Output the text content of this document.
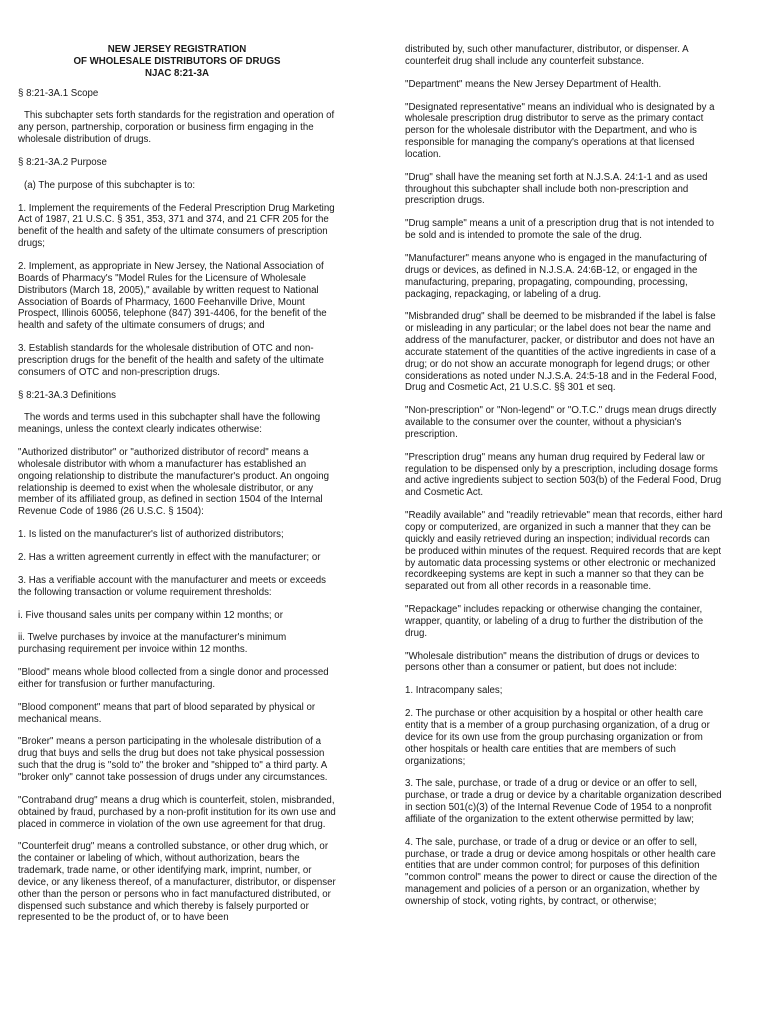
NEW JERSEY REGISTRATION
OF WHOLESALE DISTRIBUTORS OF DRUGS
NJAC 8:21-3A

§ 8:21-3A.1 Scope

This subchapter sets forth standards for the registration and operation of any person, partnership, corporation or business firm engaging in the wholesale distribution of drugs.

§ 8:21-3A.2 Purpose

(a) The purpose of this subchapter is to:

1. Implement the requirements of the Federal Prescription Drug Marketing Act of 1987, 21 U.S.C. § 351, 353, 371 and 374, and 21 CFR 205 for the benefit of the health and safety of the ultimate consumers of prescription drugs;

2. Implement, as appropriate in New Jersey, the National Association of Boards of Pharmacy's "Model Rules for the Licensure of Wholesale Distributors (March 18, 2005)," available by written request to National Association of Boards of Pharmacy, 1600 Feehanville Drive, Mount Prospect, Illinois 60056, telephone (847) 391-4406, for the benefit of the health and safety of the ultimate consumers of drugs; and

3. Establish standards for the wholesale distribution of OTC and non-prescription drugs for the benefit of the health and safety of the ultimate consumers of OTC and non-prescription drugs.

§ 8:21-3A.3 Definitions

The words and terms used in this subchapter shall have the following meanings, unless the context clearly indicates otherwise:

"Authorized distributor" or "authorized distributor of record" means a wholesale distributor with whom a manufacturer has established an ongoing relationship to distribute the manufacturer's product. An ongoing relationship is deemed to exist when the wholesale distributor, or any member of its affiliated group, as defined in section 1504 of the Internal Revenue Code of 1986 (26 U.S.C. § 1504):

1. Is listed on the manufacturer's list of authorized distributors;

2. Has a written agreement currently in effect with the manufacturer; or

3. Has a verifiable account with the manufacturer and meets or exceeds the following transaction or volume requirement thresholds:

i. Five thousand sales units per company within 12 months; or

ii. Twelve purchases by invoice at the manufacturer's minimum purchasing requirement per invoice within 12 months.

"Blood" means whole blood collected from a single donor and processed either for transfusion or further manufacturing.

"Blood component" means that part of blood separated by physical or mechanical means.

"Broker" means a person participating in the wholesale distribution of a drug that buys and sells the drug but does not take physical possession such that the drug is "sold to" the broker and "shipped to" a third party. A "broker only" cannot take possession of drugs under any circumstances.

"Contraband drug" means a drug which is counterfeit, stolen, misbranded, obtained by fraud, purchased by a non-profit institution for its own use and placed in commerce in violation of the own use agreement for that drug.

"Counterfeit drug" means a controlled substance, or other drug which, or the container or labeling of which, without authorization, bears the trademark, trade name, or other identifying mark, imprint, number, or device, or any likeness thereof, of a manufacturer, distributor, or dispenser other than the person or persons who in fact manufactured distributed, or dispensed such substance and which thereby is falsely purported or represented to be the product of, or to have been

distributed by, such other manufacturer, distributor, or dispenser. A counterfeit drug shall include any counterfeit substance.

"Department" means the New Jersey Department of Health.

"Designated representative" means an individual who is designated by a wholesale prescription drug distributor to serve as the primary contact person for the wholesale distributor with the Department, and who is responsible for managing the company's operations at that licensed location.

"Drug" shall have the meaning set forth at N.J.S.A. 24:1-1 and as used throughout this subchapter shall include both non-prescription and prescription drugs.

"Drug sample" means a unit of a prescription drug that is not intended to be sold and is intended to promote the sale of the drug.

"Manufacturer" means anyone who is engaged in the manufacturing of drugs or devices, as defined in N.J.S.A. 24:6B-12, or engaged in the manufacturing, preparing, propagating, compounding, processing, packaging, repackaging, or labeling of a drug.

"Misbranded drug" shall be deemed to be misbranded if the label is false or misleading in any particular; or the label does not bear the name and address of the manufacturer, packer, or distributor and does not have an accurate statement of the quantities of the active ingredients in case of a drug; or do not show an accurate monograph for legend drugs; or other considerations as noted under N.J.S.A. 24:5-18 and in the Federal Food, Drug and Cosmetic Act, 21 U.S.C. §§ 301 et seq.

"Non-prescription" or "Non-legend" or "O.T.C." drugs mean drugs directly available to the consumer over the counter, without a physician's prescription.

"Prescription drug" means any human drug required by Federal law or regulation to be dispensed only by a prescription, including dosage forms and active ingredients subject to section 503(b) of the Federal Food, Drug and Cosmetic Act.

"Readily available" and "readily retrievable" mean that records, either hard copy or computerized, are organized in such a manner that they can be quickly and easily retrieved during an inspection; individual records can be produced within minutes of the request. Required records that are kept by automatic data processing systems or other electronic or mechanized recordkeeping systems are kept in such a manner so that they can be separated out from all other records in a reasonable time.

"Repackage" includes repacking or otherwise changing the container, wrapper, quantity, or labeling of a drug to further the distribution of the drug.

"Wholesale distribution" means the distribution of drugs or devices to persons other than a consumer or patient, but does not include:

1. Intracompany sales;

2. The purchase or other acquisition by a hospital or other health care entity that is a member of a group purchasing organization, of a drug or device for its own use from the group purchasing organization or from other hospitals or health care entities that are members of such organizations;

3. The sale, purchase, or trade of a drug or device or an offer to sell, purchase, or trade a drug or device by a charitable organization described in section 501(c)(3) of the Internal Revenue Code of 1954 to a nonprofit affiliate of the organization to the extent otherwise permitted by law;

4. The sale, purchase, or trade of a drug or device or an offer to sell, purchase, or trade a drug or device among hospitals or other health care entities that are under common control; for purposes of this definition "common control" means the power to direct or cause the direction of the management and policies of a person or an organization, whether by ownership of stock, voting rights, by contract, or otherwise;
